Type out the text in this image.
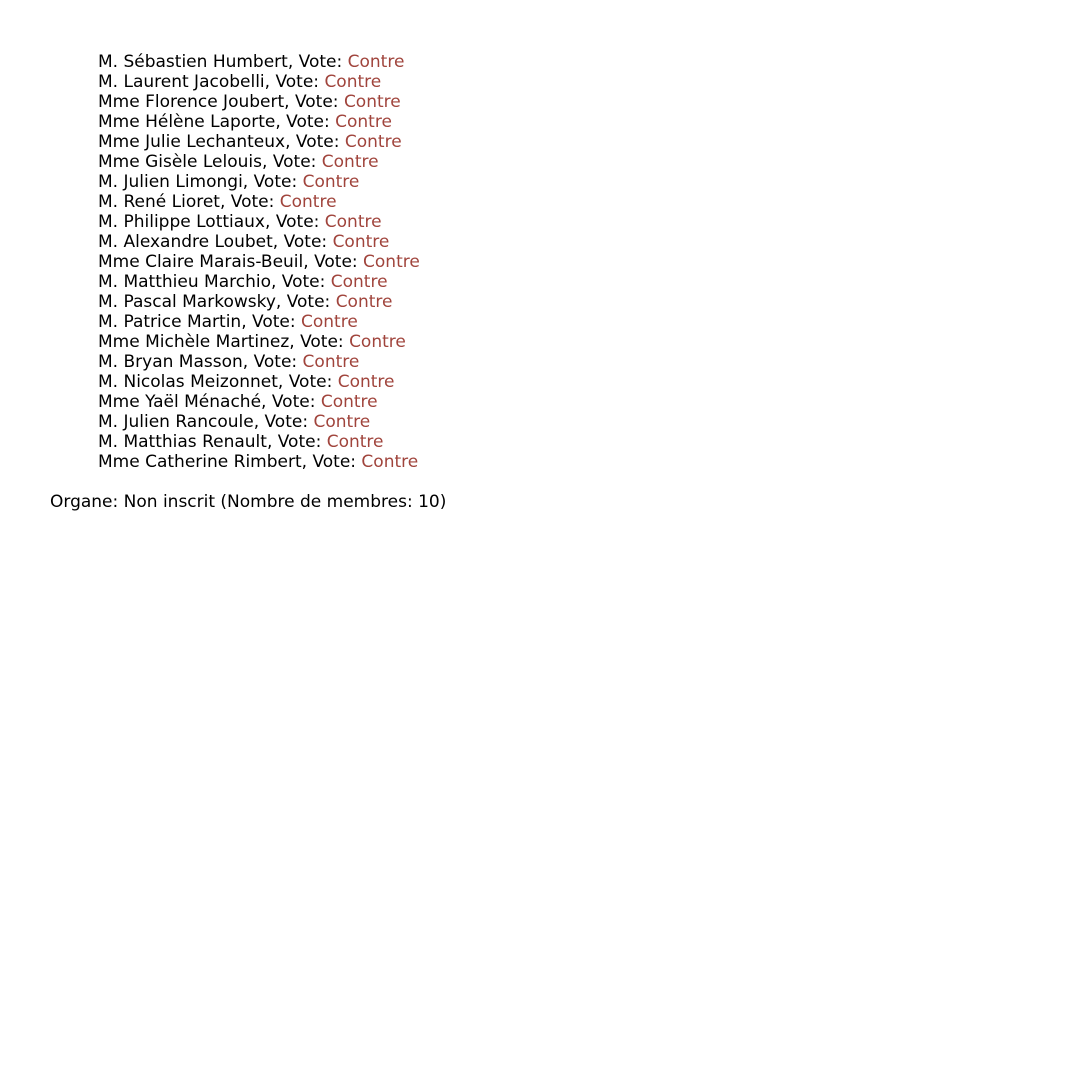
M. Sébastien Humbert, Vote: Contre
M. Laurent Jacobelli, Vote: Contre
Mme Florence Joubert, Vote: Contre
Mme Hélène Laporte, Vote: Contre
Mme Julie Lechanteux, Vote: Contre
Mme Gisèle Lelouis, Vote: Contre
M. Julien Limongi, Vote: Contre
M. René Lioret, Vote: Contre
M. Philippe Lottiaux, Vote: Contre
M. Alexandre Loubet, Vote: Contre
Mme Claire Marais-Beuil, Vote: Contre
M. Matthieu Marchio, Vote: Contre
M. Pascal Markowsky, Vote: Contre
M. Patrice Martin, Vote: Contre
Mme Michèle Martinez, Vote: Contre
M. Bryan Masson, Vote: Contre
M. Nicolas Meizonnet, Vote: Contre
Mme Yaël Ménaché, Vote: Contre
M. Julien Rancoule, Vote: Contre
M. Matthias Renault, Vote: Contre
Mme Catherine Rimbert, Vote: Contre
Organe: Non inscrit (Nombre de membres: 10)
